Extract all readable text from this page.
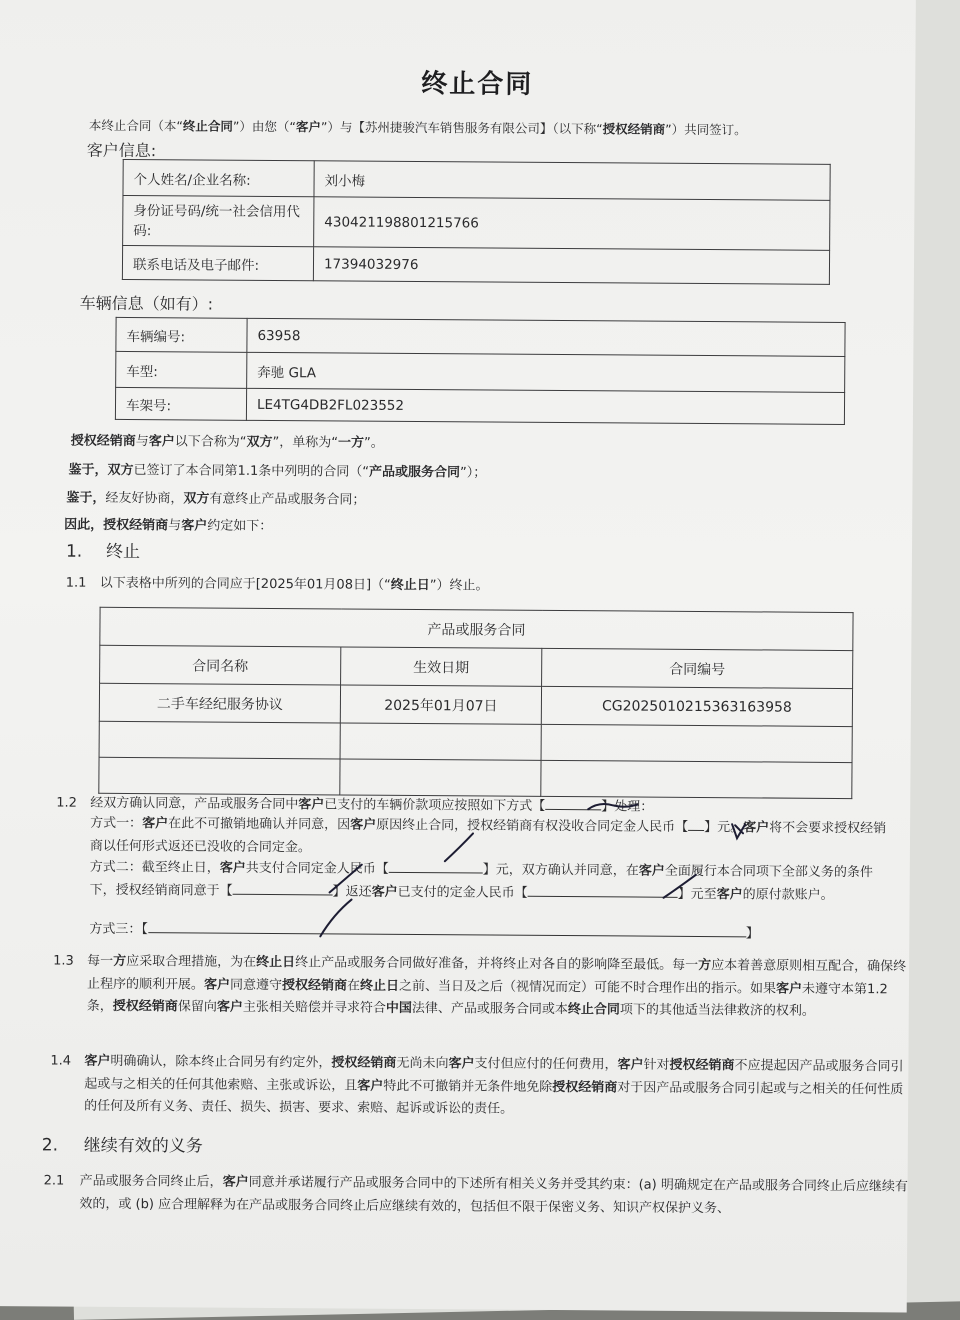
终止合同
本终止合同（本“终止合同”）由您（“客户”）与【苏州捷骏汽车销售服务有限公司】（以下称“授权经销商”）共同签订。
客户信息:
个人姓名/企业名称:	刘小梅
身份证号码/统一社会信用代码:	430421198801215766
联系电话及电子邮件:	17394032976
车辆信息（如有）:
车辆编号:	63958
车型:	奔驰 GLA
车架号:	LE4TG4DB2FL023552
授权经销商与客户以下合称为“双方”，单称为“一方”。
鉴于，双方已签订了本合同第1.1条中列明的合同（“产品或服务合同”）；
鉴于，经友好协商，双方有意终止产品或服务合同；
因此，授权经销商与客户约定如下：
1. 终止
1.1 以下表格中所列的合同应于[2025年01月08日]（“终止日”）终止。
产品或服务合同		
合同名称	生效日期	合同编号
二手车经纪服务协议	2025年01月07日	CG2025010215363163958

1.2 经双方确认同意，产品或服务合同中客户已支付的车辆价款项应按照如下方式【	】处理：
方式一：客户在此不可撤销地确认并同意，因客户原因终止合同，授权经销商有权没收合同定金人民币【 】元。客户将不会要求授权经销商以任何形式返还已没收的合同定金。
方式二：截至终止日，客户共支付合同定金人民币【	】元，双方确认并同意，在客户全面履行本合同项下全部义务的条件下，授权经销商同意于【	】返还客户已支付的定金人民币【	】元至客户的原付款账户。
方式三：【	】
1.3 每一方应采取合理措施，为在终止日终止产品或服务合同做好准备，并将终止对各自的影响降至最低。每一方应本着善意原则相互配合，确保终止程序的顺利开展。客户同意遵守授权经销商在终止日之前、当日及之后（视情况而定）可能不时合理作出的指示。如果客户未遵守本第1.2条，授权经销商保留向客户主张相关赔偿并寻求符合中国法律、产品或服务合同或本终止合同项下的其他适当法律救济的权利。
1.4 客户明确确认，除本终止合同另有约定外，授权经销商无尚未向客户支付但应付的任何费用，客户针对授权经销商不应提起因产品或服务合同引起或与之相关的任何其他索赔、主张或诉讼，且客户特此不可撤销并无条件地免除授权经销商对于因产品或服务合同引起或与之相关的任何性质的任何及所有义务、责任、损失、损害、要求、索赔、起诉或诉讼的责任。
2. 继续有效的义务
2.1 产品或服务合同终止后，客户同意并承诺履行产品或服务合同中的下述所有相关义务并受其约束：(a) 明确规定在产品或服务合同终止后应继续有效的，或 (b) 应合理解释为在产品或服务合同终止后应继续有效的，包括但不限于保密义务、知识产权保护义务、
